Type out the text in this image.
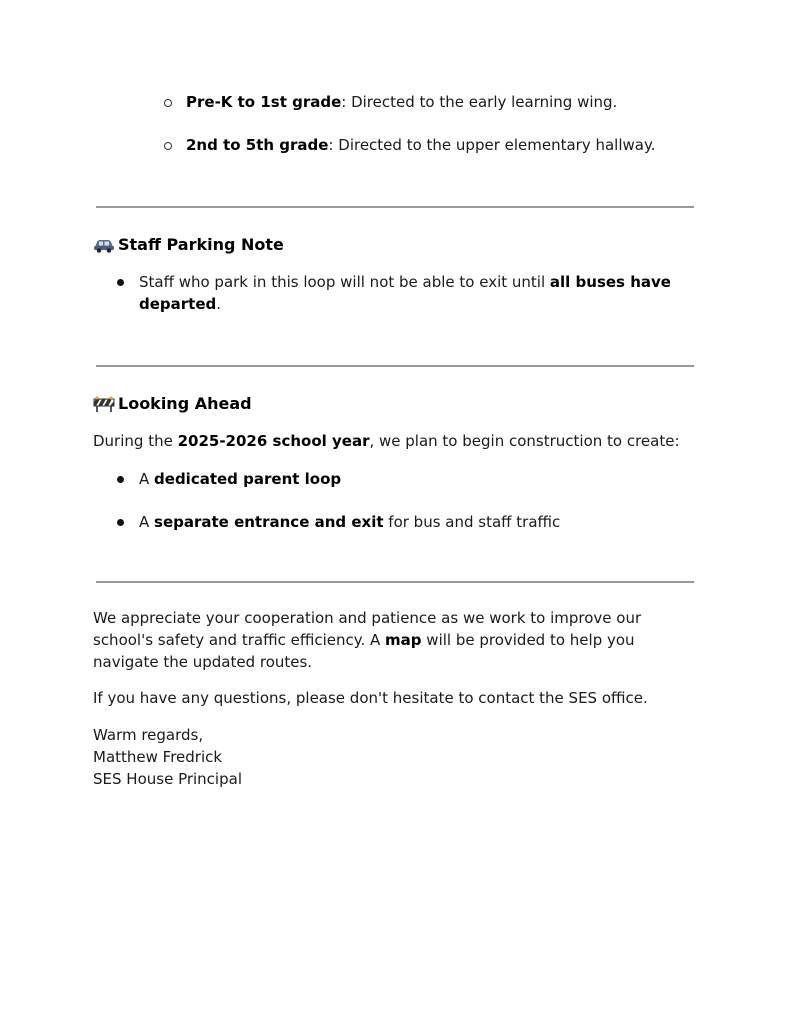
Pre-K to 1st grade: Directed to the early learning wing.
2nd to 5th grade: Directed to the upper elementary hallway.
Staff Parking Note
Staff who park in this loop will not be able to exit until all buses have
departed.
Looking Ahead
During the 2025-2026 school year, we plan to begin construction to create:
A dedicated parent loop
A separate entrance and exit for bus and staff traffic
We appreciate your cooperation and patience as we work to improve our
school's safety and traffic efficiency. A map will be provided to help you
navigate the updated routes.
If you have any questions, please don't hesitate to contact the SES office.
Warm regards,
Matthew Fredrick
SES House Principal
